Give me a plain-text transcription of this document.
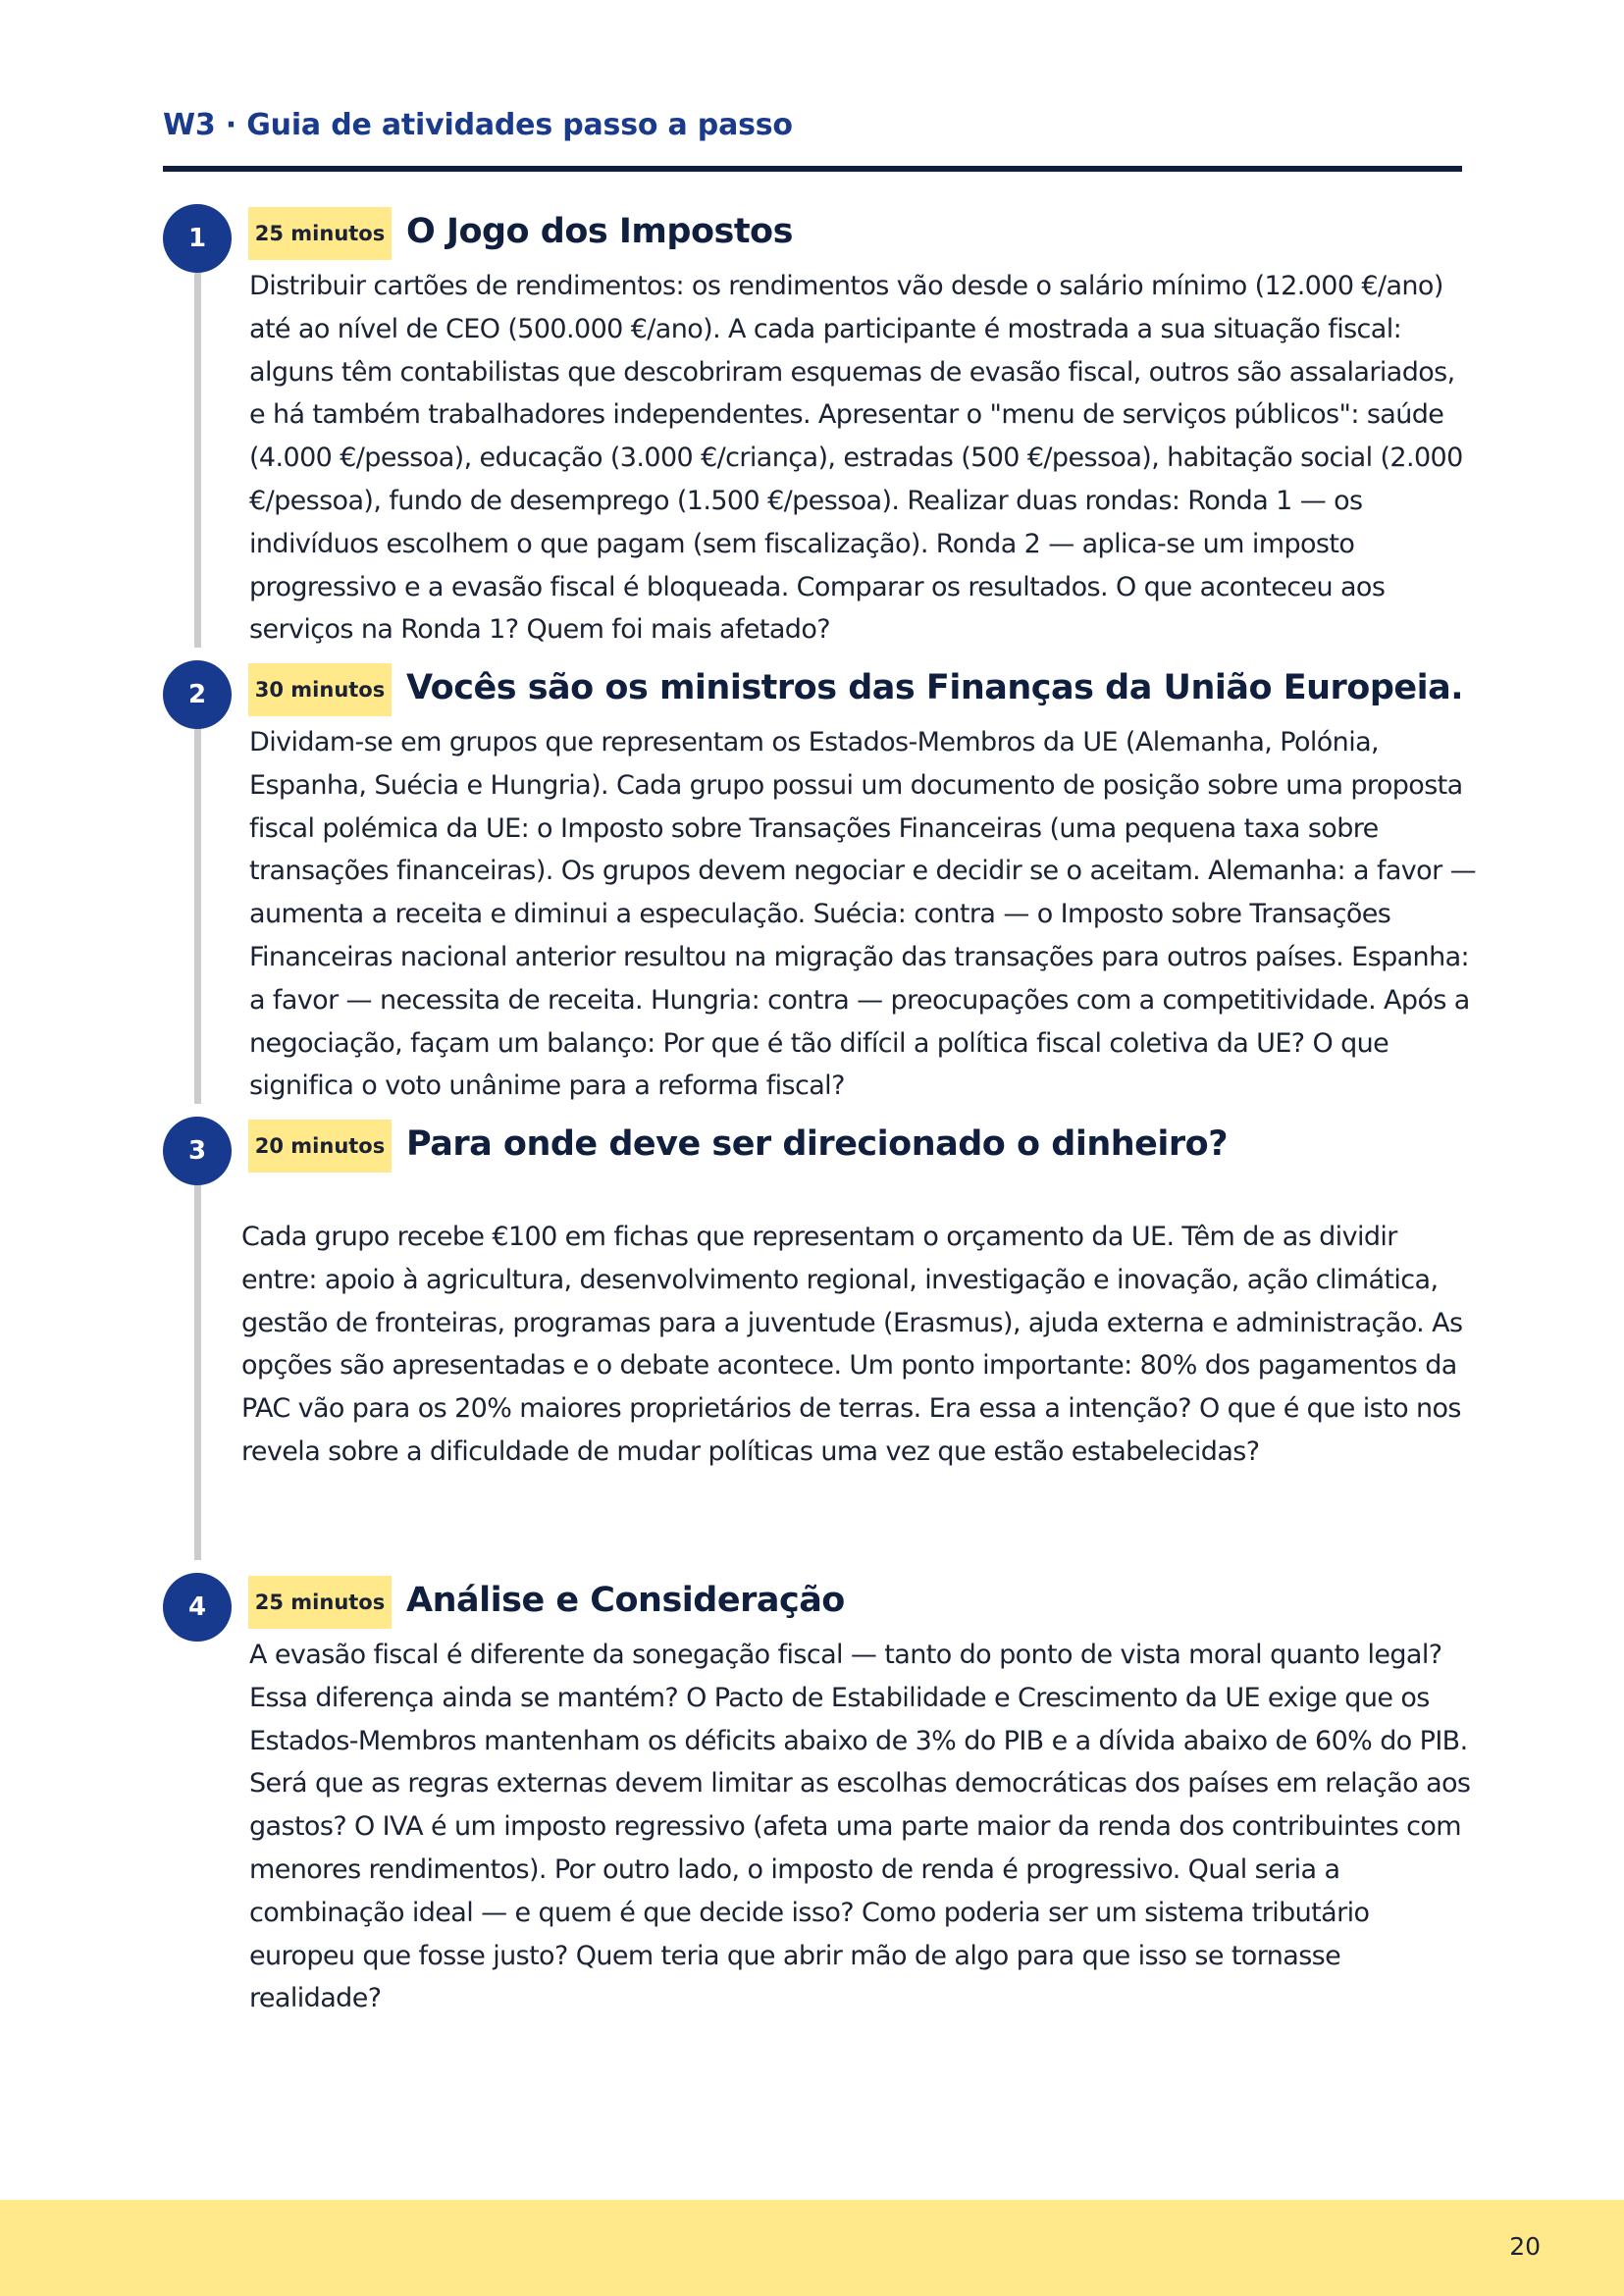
W3 · Guia de atividades passo a passo
1	25 minutos O Jogo dos Impostos

Distribuir cartões de rendimentos: os rendimentos vão desde o salário mínimo (12.000 €/ano) até ao nível de CEO (500.000 €/ano). A cada participante é mostrada a sua situação fiscal: alguns têm contabilistas que descobriram esquemas de evasão fiscal, outros são assalariados, e há também trabalhadores independentes. Apresentar o "menu de serviços públicos": saúde (4.000 €/pessoa), educação (3.000 €/criança), estradas (500 €/pessoa), habitação social (2.000 €/pessoa), fundo de desemprego (1.500 €/pessoa). Realizar duas rondas: Ronda 1 — os indivíduos escolhem o que pagam (sem fiscalização). Ronda 2 — aplica-se um imposto progressivo e a evasão fiscal é bloqueada. Comparar os resultados. O que aconteceu aos serviços na Ronda 1? Quem foi mais afetado?

2	30 minutos Vocês são os ministros das Finanças da União Europeia.

Dividam-se em grupos que representam os Estados-Membros da UE (Alemanha, Polónia, Espanha, Suécia e Hungria). Cada grupo possui um documento de posição sobre uma proposta fiscal polémica da UE: o Imposto sobre Transações Financeiras (uma pequena taxa sobre transações financeiras). Os grupos devem negociar e decidir se o aceitam. Alemanha: a favor — aumenta a receita e diminui a especulação. Suécia: contra — o Imposto sobre Transações Financeiras nacional anterior resultou na migração das transações para outros países. Espanha: a favor — necessita de receita. Hungria: contra — preocupações com a competitividade. Após a negociação, façam um balanço: Por que é tão difícil a política fiscal coletiva da UE? O que significa o voto unânime para a reforma fiscal?

3	20 minutos Para onde deve ser direcionado o dinheiro?

Cada grupo recebe €100 em fichas que representam o orçamento da UE. Têm de as dividir entre: apoio à agricultura, desenvolvimento regional, investigação e inovação, ação climática, gestão de fronteiras, programas para a juventude (Erasmus), ajuda externa e administração. As opções são apresentadas e o debate acontece. Um ponto importante: 80% dos pagamentos da PAC vão para os 20% maiores proprietários de terras. Era essa a intenção? O que é que isto nos revela sobre a dificuldade de mudar políticas uma vez que estão estabelecidas?

4	25 minutos Análise e Consideração

A evasão fiscal é diferente da sonegação fiscal — tanto do ponto de vista moral quanto legal? Essa diferença ainda se mantém? O Pacto de Estabilidade e Crescimento da UE exige que os Estados-Membros mantenham os déficits abaixo de 3% do PIB e a dívida abaixo de 60% do PIB. Será que as regras externas devem limitar as escolhas democráticas dos países em relação aos gastos? O IVA é um imposto regressivo (afeta uma parte maior da renda dos contribuintes com menores rendimentos). Por outro lado, o imposto de renda é progressivo. Qual seria a combinação ideal — e quem é que decide isso? Como poderia ser um sistema tributário europeu que fosse justo? Quem teria que abrir mão de algo para que isso se tornasse realidade?

20
